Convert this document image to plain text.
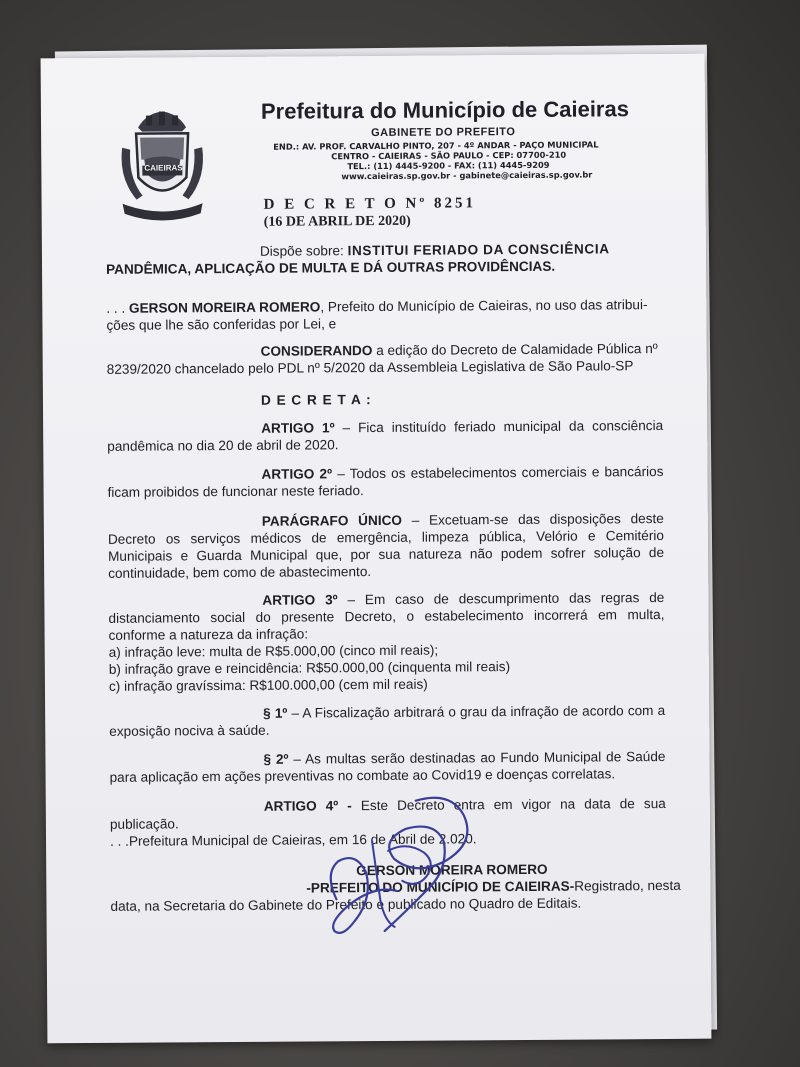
CAIEIRAS
Prefeitura do Município de Caieiras
GABINETE DO PREFEITO
END.: AV. PROF. CARVALHO PINTO, 207 - 4º ANDAR - PAÇO MUNICIPAL
CENTRO - CAIEIRAS - SÃO PAULO - CEP: 07700-210
TEL.: (11) 4445-9200 - FAX: (11) 4445-9209
www.caieiras.sp.gov.br - gabinete@caieiras.sp.gov.br
D E C R E T O Nº 8251
(16 DE ABRIL DE 2020)
Dispõe sobre: INSTITUI FERIADO DA CONSCIÊNCIA
PANDÊMICA, APLICAÇÃO DE MULTA E DÁ OUTRAS PROVIDÊNCIAS.
. . . GERSON MOREIRA ROMERO, Prefeito do Município de Caieiras, no uso das atribui-
ções que lhe são conferidas por Lei, e
CONSIDERANDO a edição do Decreto de Calamidade Pública nº
8239/2020 chancelado pelo PDL nº 5/2020 da Assembleia Legislativa de São Paulo-SP
D E C R E T A :
ARTIGO 1º – Fica instituído feriado municipal da consciência pandêmica no dia 20 de abril de 2020.
ARTIGO 2º – Todos os estabelecimentos comerciais e bancários ficam proibidos de funcionar neste feriado.
PARÁGRAFO ÚNICO – Excetuam-se das disposições deste Decreto os serviços médicos de emergência, limpeza pública, Velório e Cemitério Municipais e Guarda Municipal que, por sua natureza não podem sofrer solução de continuidade, bem como de abastecimento.
ARTIGO 3º – Em caso de descumprimento das regras de distanciamento social do presente Decreto, o estabelecimento incorrerá em multa, conforme a natureza da infração:
a) infração leve: multa de R$5.000,00 (cinco mil reais);
b) infração grave e reincidência: R$50.000,00 (cinquenta mil reais)
c) infração gravíssima: R$100.000,00 (cem mil reais)
§ 1º – A Fiscalização arbitrará o grau da infração de acordo com a exposição nociva à saúde.
§ 2º – As multas serão destinadas ao Fundo Municipal de Saúde para aplicação em ações preventivas no combate ao Covid19 e doenças correlatas.
ARTIGO 4º - Este Decreto entra em vigor na data de sua publicação.
. . .Prefeitura Municipal de Caieiras, em 16 de Abril de 2.020.
GERSON MOREIRA ROMERO
-PREFEITO DO MUNICÍPIO DE CAIEIRAS-Registrado, nesta
data, na Secretaria do Gabinete do Prefeito e publicado no Quadro de Editais.
